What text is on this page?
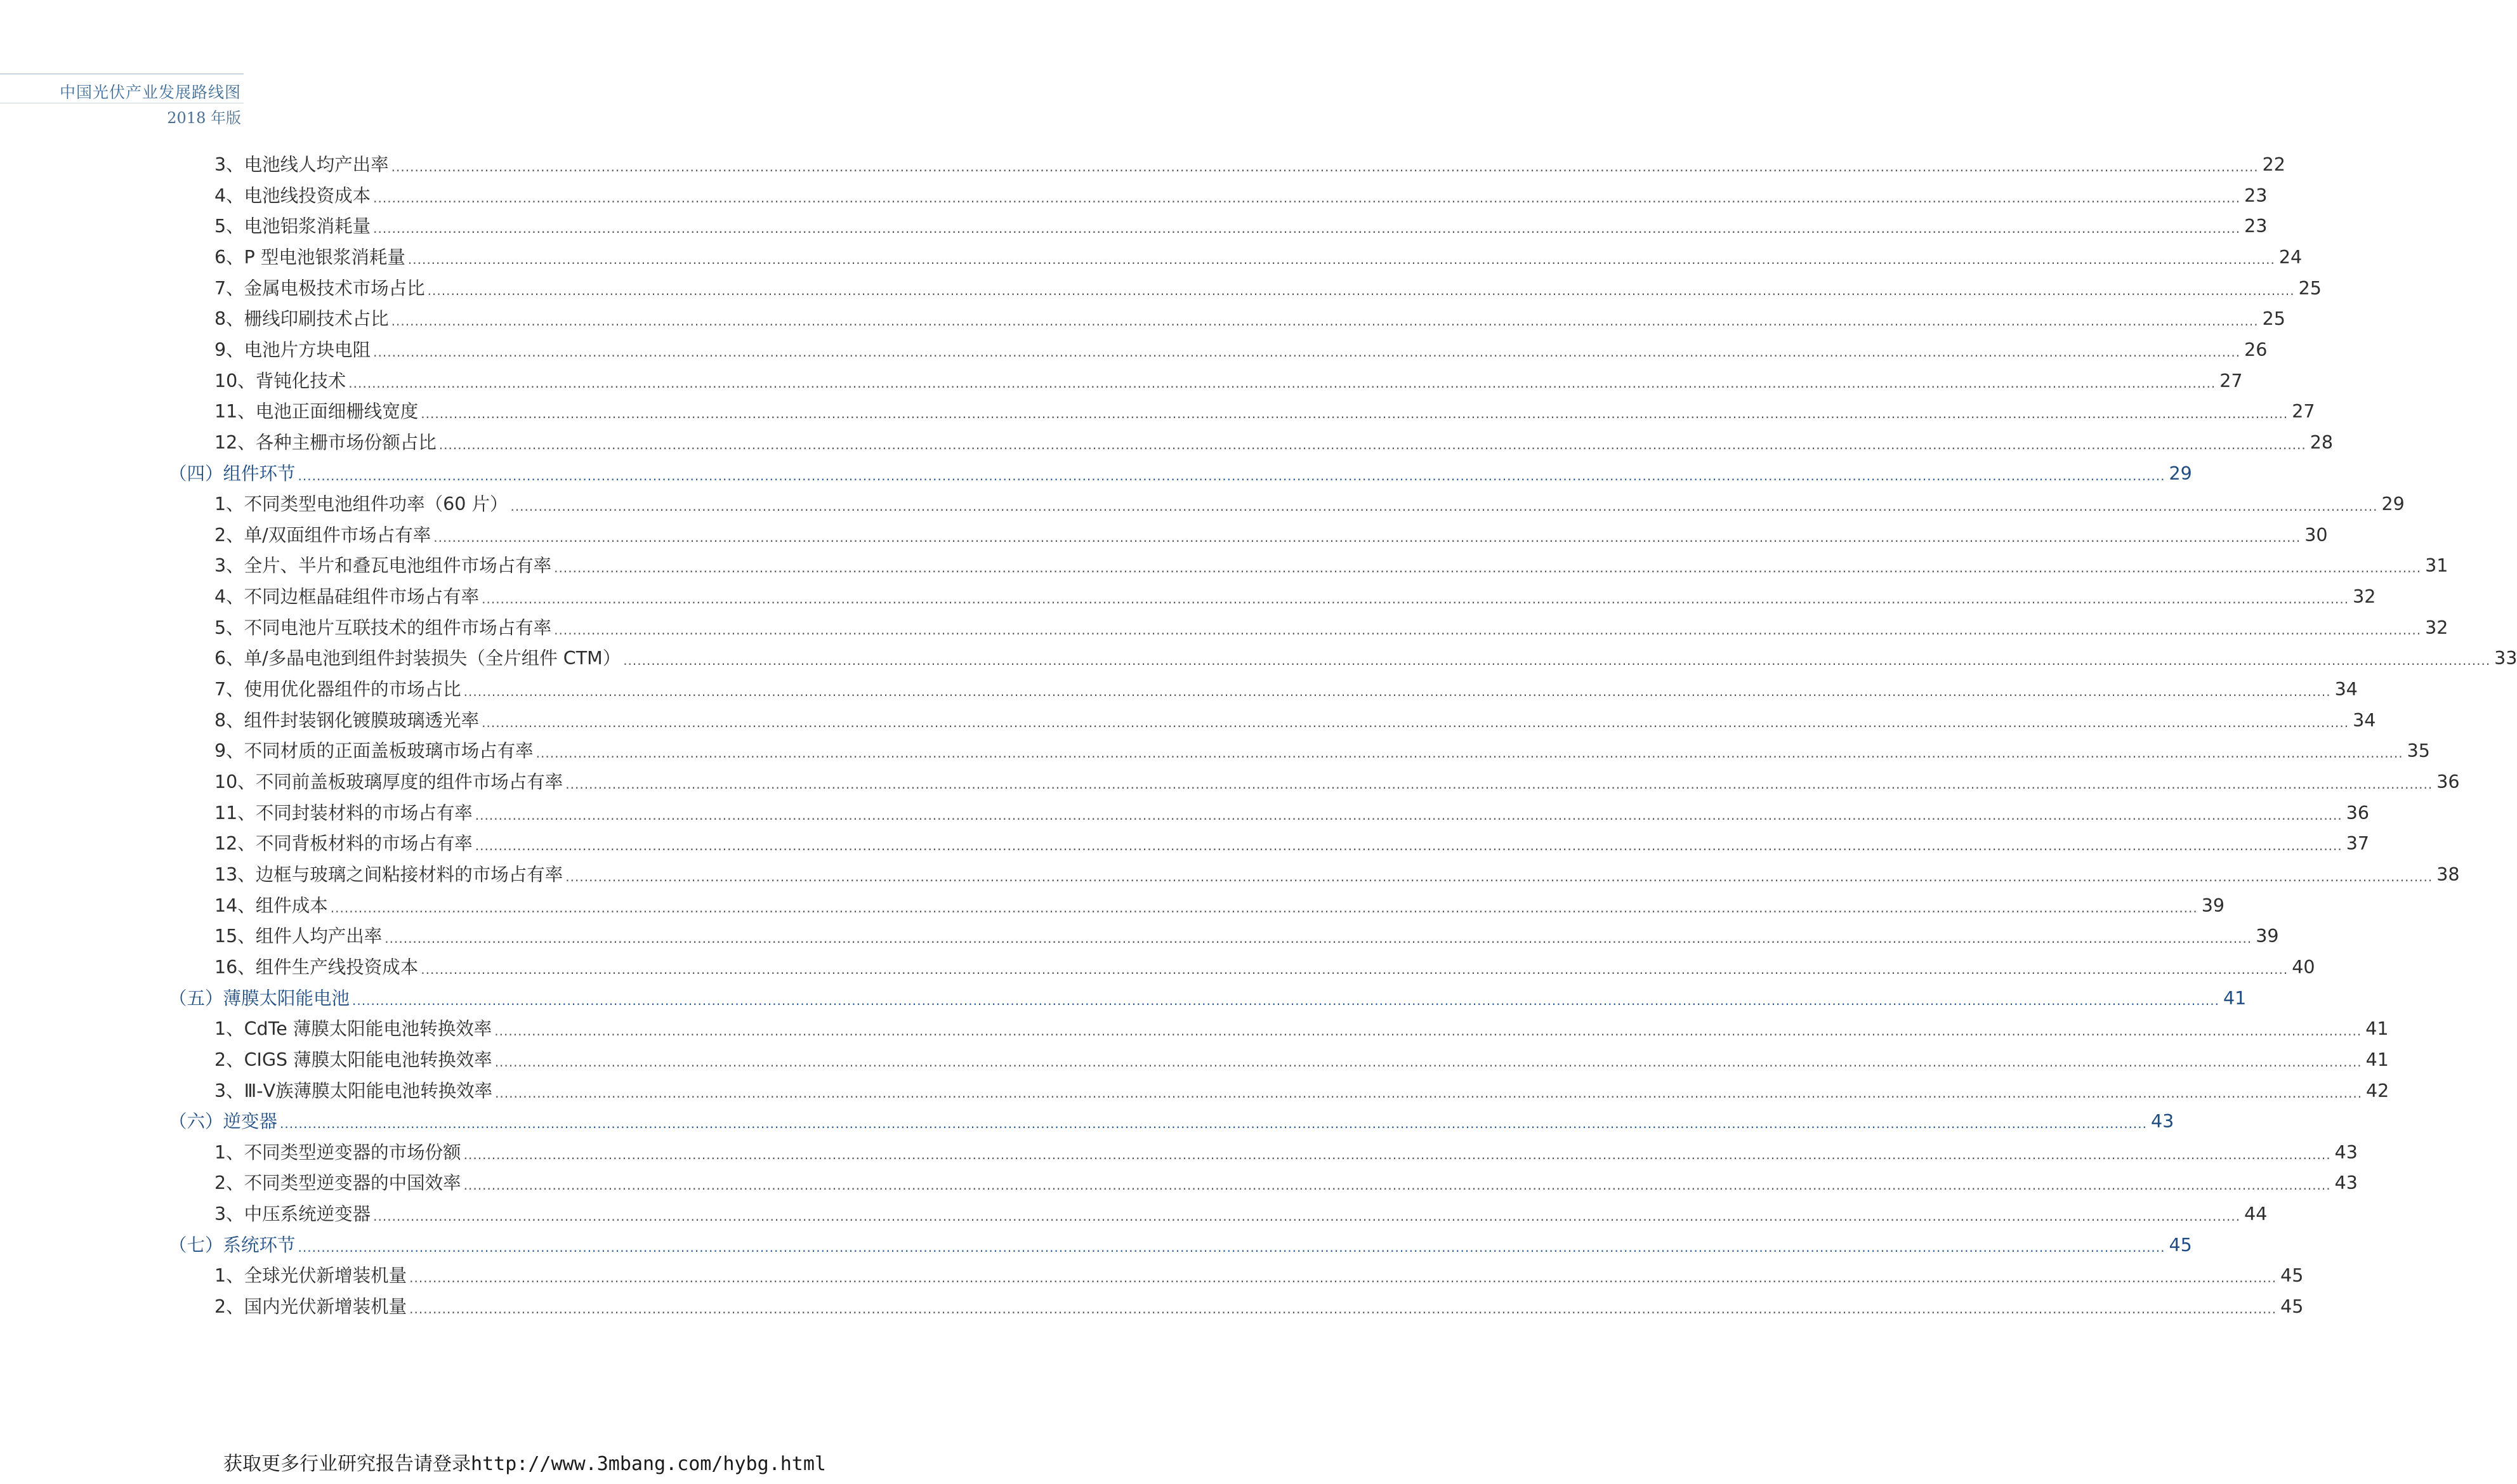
中国光伏产业发展路线图
2018 年版
3、 电池线人均产出率 ................................................................................................................................................................................................................................................................................................................................................................................................................ 22
4、 电池线投资成本 ................................................................................................................................................................................................................................................................................................................................................................................................................ 23
5、 电池铝浆消耗量 ................................................................................................................................................................................................................................................................................................................................................................................................................ 23
6、 P 型电池银浆消耗量 ................................................................................................................................................................................................................................................................................................................................................................................................................ 24
7、 金属电极技术市场占比 ................................................................................................................................................................................................................................................................................................................................................................................................................ 25
8、 栅线印刷技术占比 ................................................................................................................................................................................................................................................................................................................................................................................................................ 25
9、 电池片方块电阻 ................................................................................................................................................................................................................................................................................................................................................................................................................ 26
10、 背钝化技术 ................................................................................................................................................................................................................................................................................................................................................................................................................ 27
11、 电池正面细栅线宽度 ................................................................................................................................................................................................................................................................................................................................................................................................................ 27
12、 各种主栅市场份额占比 ................................................................................................................................................................................................................................................................................................................................................................................................................ 28
（四） 组件环节 ................................................................................................................................................................................................................................................................................................................................................................................................................ 29
1、 不同类型电池组件功率（60 片） ................................................................................................................................................................................................................................................................................................................................................................................................................ 29
2、 单/双面组件市场占有率 ................................................................................................................................................................................................................................................................................................................................................................................................................ 30
3、 全片、半片和叠瓦电池组件市场占有率 ................................................................................................................................................................................................................................................................................................................................................................................................................ 31
4、 不同边框晶硅组件市场占有率 ................................................................................................................................................................................................................................................................................................................................................................................................................ 32
5、 不同电池片互联技术的组件市场占有率 ................................................................................................................................................................................................................................................................................................................................................................................................................ 32
6、 单/多晶电池到组件封装损失（全片组件 CTM） ................................................................................................................................................................................................................................................................................................................................................................................................................ 33
7、 使用优化器组件的市场占比 ................................................................................................................................................................................................................................................................................................................................................................................................................ 34
8、 组件封装钢化镀膜玻璃透光率 ................................................................................................................................................................................................................................................................................................................................................................................................................ 34
9、 不同材质的正面盖板玻璃市场占有率 ................................................................................................................................................................................................................................................................................................................................................................................................................ 35
10、 不同前盖板玻璃厚度的组件市场占有率 ................................................................................................................................................................................................................................................................................................................................................................................................................ 36
11、 不同封装材料的市场占有率 ................................................................................................................................................................................................................................................................................................................................................................................................................ 36
12、 不同背板材料的市场占有率 ................................................................................................................................................................................................................................................................................................................................................................................................................ 37
13、 边框与玻璃之间粘接材料的市场占有率 ................................................................................................................................................................................................................................................................................................................................................................................................................ 38
14、 组件成本 ................................................................................................................................................................................................................................................................................................................................................................................................................ 39
15、 组件人均产出率 ................................................................................................................................................................................................................................................................................................................................................................................................................ 39
16、 组件生产线投资成本 ................................................................................................................................................................................................................................................................................................................................................................................................................ 40
（五） 薄膜太阳能电池 ................................................................................................................................................................................................................................................................................................................................................................................................................ 41
1、 CdTe 薄膜太阳能电池转换效率 ................................................................................................................................................................................................................................................................................................................................................................................................................ 41
2、 CIGS 薄膜太阳能电池转换效率 ................................................................................................................................................................................................................................................................................................................................................................................................................ 41
3、 Ⅲ-Ⅴ族薄膜太阳能电池转换效率 ................................................................................................................................................................................................................................................................................................................................................................................................................ 42
（六） 逆变器 ................................................................................................................................................................................................................................................................................................................................................................................................................ 43
1、 不同类型逆变器的市场份额 ................................................................................................................................................................................................................................................................................................................................................................................................................ 43
2、 不同类型逆变器的中国效率 ................................................................................................................................................................................................................................................................................................................................................................................................................ 43
3、 中压系统逆变器 ................................................................................................................................................................................................................................................................................................................................................................................................................ 44
（七） 系统环节 ................................................................................................................................................................................................................................................................................................................................................................................................................ 45
1、 全球光伏新增装机量 ................................................................................................................................................................................................................................................................................................................................................................................................................ 45
2、 国内光伏新增装机量 ................................................................................................................................................................................................................................................................................................................................................................................................................ 45
获取更多行业研究报告请登录http://www.3mbang.com/hybg.html
